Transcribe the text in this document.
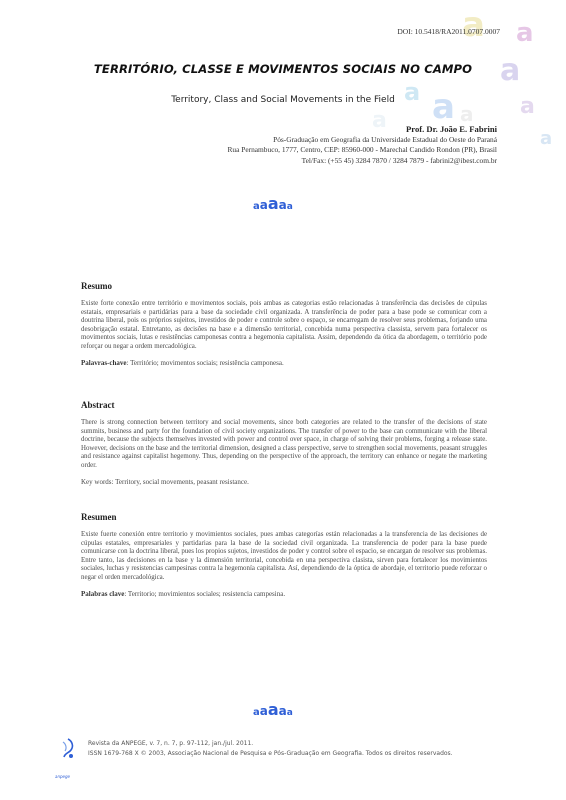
a a
a
a a a a
a
a
DOI: 10.5418/RA2011.0707.0007
TERRITÓRIO, CLASSE E MOVIMENTOS SOCIAIS NO CAMPO
Territory, Class and Social Movements in the Field
Prof. Dr. João E. Fabrini
Pós-Graduação em Geografia da Universidade Estadual do Oeste do Paraná
Rua Pernambuco, 1777, Centro, CEP: 85960-000 - Marechal Candido Rondon (PR), Brasil
Tel/Fax: (+55 45) 3284 7870 / 3284 7879 - fabrini2@ibest.com.br
aaaaa
Resumo

Existe forte conexão entre território e movimentos sociais, pois ambas as categorias estão relacionadas à transferência das decisões de cúpulas estatais, empresariais e partidárias para a base da sociedade civil organizada. A transferência de poder para a base pode se comunicar com a doutrina liberal, pois os próprios sujeitos, investidos de poder e controle sobre o espaço, se encarregam de resolver seus problemas, forjando uma desobrigação estatal. Entretanto, as decisões na base e a dimensão territorial, concebida numa perspectiva classista, servem para fortalecer os movimentos sociais, lutas e resistências camponesas contra a hegemonia capitalista. Assim, dependendo da ótica da abordagem, o território pode reforçar ou negar a ordem mercadológica.

Palavras-chave: Território; movimentos sociais; resistência camponesa.
Abstract

There is strong connection between territory and social movements, since both categories are related to the transfer of the decisions of state summits, business and party for the foundation of civil society organizations. The transfer of power to the base can communicate with the liberal doctrine, because the subjects themselves invested with power and control over space, in charge of solving their problems, forging a release state. However, decisions on the base and the territorial dimension, designed a class perspective, serve to strengthen social movements, peasant struggles and resistance against capitalist hegemony. Thus, depending on the perspective of the approach, the territory can enhance or negate the marketing order.

Key words: Territory, social movements, peasant resistance.
Resumen

Existe fuerte conexión entre territorio y movimientos sociales, pues ambas categorías están relacionadas a la transferencia de las decisiones de cúpulas estatales, empresariales y partidarias para la base de la sociedad civil organizada. La transferencia de poder para la base puede comunicarse con la doctrina liberal, pues los propios sujetos, investidos de poder y control sobre el espacio, se encargan de resolver sus problemas. Entre tanto, las decisiones en la base y la dimensión territorial, concebida en una perspectiva clasista, sirven para fortalecer los movimientos sociales, luchas y resistencias campesinas contra la hegemonía capitalista. Así, dependiendo de la óptica de abordaje, el territorio puede reforzar o negar el orden mercadológica.

Palabras clave: Territorio; movimientos sociales; resistencia campesina.
aaaaa
anpege
Revista da ANPEGE, v. 7, n. 7, p. 97-112, jan./jul. 2011.
ISSN 1679-768 X © 2003, Associação Nacional de Pesquisa e Pós-Graduação em Geografia. Todos os direitos reservados.
